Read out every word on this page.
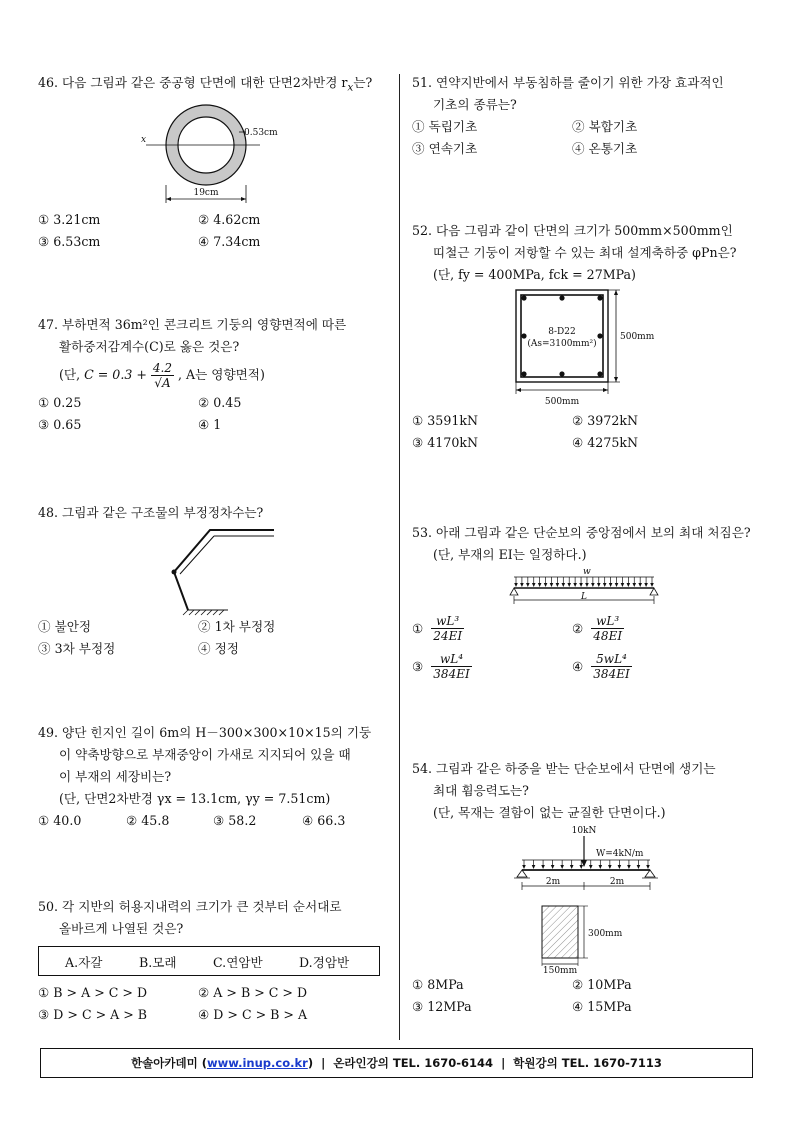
46. 다음 그림과 같은 중공형 단면에 대한 단면2차반경 $r_x$는?
x
0.53cm
19cm
① 3.21cm	② 4.62cm
③ 6.53cm	④ 7.34cm
47. 부하면적 36m²인 콘크리트 기둥의 영향면적에 따른
활하중저감계수(C)로 옳은 것은?
(단, $C = 0.3 + \frac{4.2}{√A}$ , A는 영향면적)
① 0.25	② 0.45
③ 0.65	④ 1
48. 그림과 같은 구조물의 부정정차수는?
① 불안정	② 1차 부정정
③ 3차 부정정	④ 정정
49. 양단 힌지인 길이 6m의 H－300×300×10×15의 기둥
이 약축방향으로 부재중앙이 가새로 지지되어 있을 때
이 부재의 세장비는?
(단, 단면2차반경 γx = 13.1cm, γy = 7.51cm)
① 40.0	② 45.8	③ 58.2	④ 66.3
50. 각 지반의 허용지내력의 크기가 큰 것부터 순서대로
올바르게 나열된 것은?
A.자갈	B.모래	C.연암반	D.경암반
① B > A > C > D	② A > B > C > D
③ D > C > A > B	④ D > C > B > A
51. 연약지반에서 부동침하를 줄이기 위한 가장 효과적인
기초의 종류는?
① 독립기초	② 복합기초
③ 연속기초	④ 온통기초
52. 다음 그림과 같이 단면의 크기가 500mm×500mm인
띠철근 기둥이 저항할 수 있는 최대 설계축하중 φPn은?
(단, fy = 400MPa, fck = 27MPa)
8-D22
(As=3100mm²)
500mm
500mm
① 3591kN	② 3972kN
③ 4170kN	④ 4275kN
53. 아래 그림과 같은 단순보의 중앙점에서 보의 최대 처짐은?
(단, 부재의 EI는 일정하다.)
w
L
① $\frac{\text{wL³}}{24EI}$	② $\frac{\text{wL³}}{48EI}$
③ $\frac{\text{wL⁴}}{384EI}$	④ $\frac{\text{5wL⁴}}{384EI}$
54. 그림과 같은 하중을 받는 단순보에서 단면에 생기는
최대 휨응력도는?
(단, 목재는 결함이 없는 균질한 단면이다.)
10kN
W=4kN/m
2m	2m
300mm
150mm
① 8MPa	② 10MPa
③ 12MPa	④ 15MPa
한솔아카데미 (www.inup.co.kr) | 온라인강의 TEL. 1670-6144 | 학원강의 TEL. 1670-7113
